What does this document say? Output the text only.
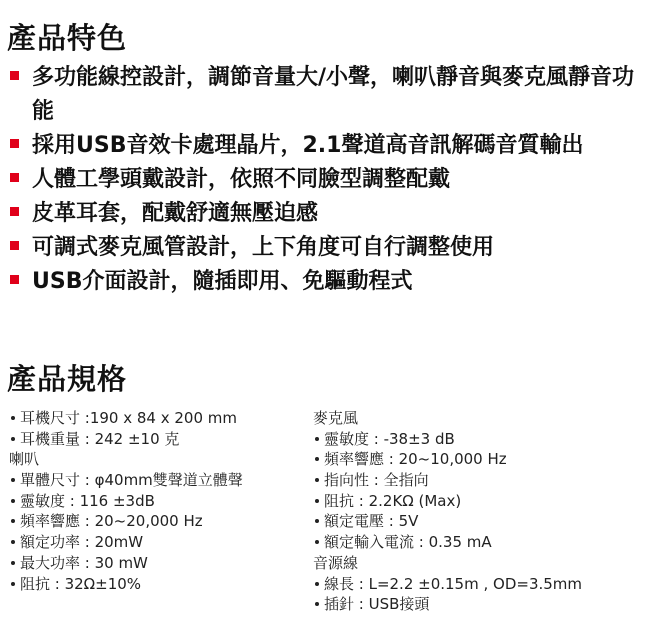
產品特色
多功能線控設計，調節音量大/小聲，喇叭靜音與麥克風靜音功能
採用USB音效卡處理晶片，2.1聲道高音訊解碼音質輸出
人體工學頭戴設計，依照不同臉型調整配戴
皮革耳套，配戴舒適無壓迫感
可調式麥克風管設計，上下角度可自行調整使用
USB介面設計，隨插即用、免驅動程式
產品規格
耳機尺寸 :190 x 84 x 200 mm
耳機重量 : 242 ±10 克
喇叭
單體尺寸 : φ40mm雙聲道立體聲
靈敏度 : 116 ±3dB
頻率響應 : 20~20,000 Hz
額定功率 : 20mW
最大功率 : 30 mW
阻抗 : 32Ω±10%
麥克風
靈敏度 : -38±3 dB
頻率響應 : 20~10,000 Hz
指向性 : 全指向
阻抗 : 2.2KΩ (Max)
額定電壓 : 5V
額定輸入電流 : 0.35 mA
音源線
線長 : L=2.2 ±0.15m , OD=3.5mm
插針 : USB接頭
